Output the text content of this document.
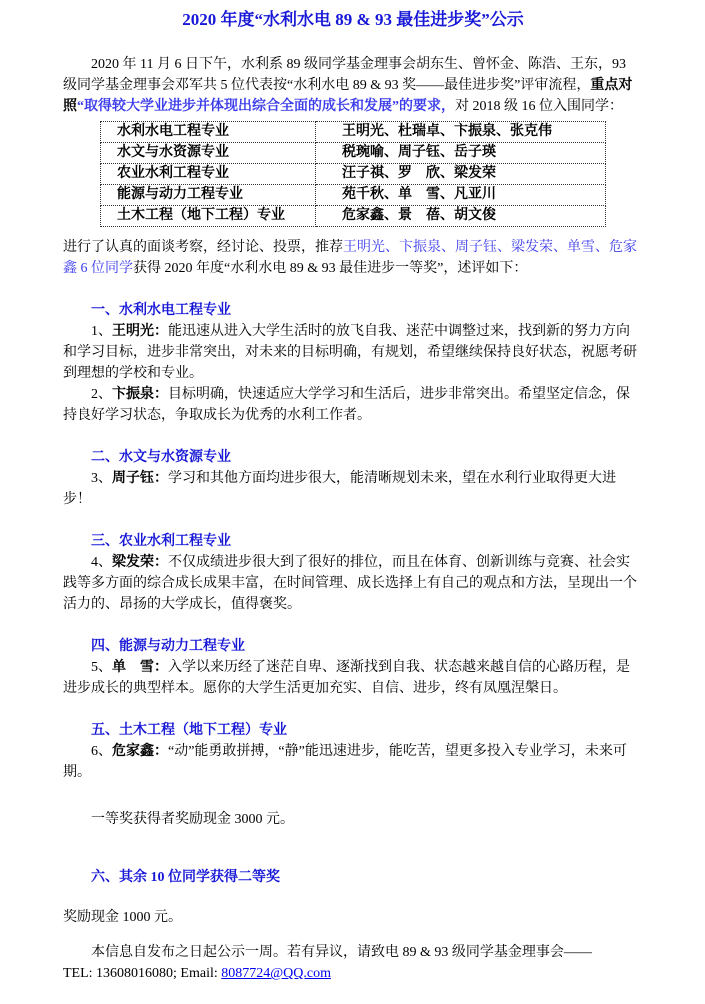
2020 年度“水利水电 89 & 93 最佳进步奖”公示

2020 年 11 月 6 日下午，水利系 89 级同学基金理事会胡东生、曾怀金、陈浩、王东，93 级同学基金理事会邓军共 5 位代表按“水利水电 89 & 93 奖——最佳进步奖”评审流程，重点对照“取得较大学业进步并体现出综合全面的成长和发展”的要求，对 2018 级 16 位入围同学：

水利水电工程专业	王明光、杜瑞卓、卞振泉、张克伟
水文与水资源专业	税琬喻、周子钰、岳子瑛
农业水利工程专业	汪子祺、罗　欣、梁发荣
能源与动力工程专业	苑千秋、单　雪、凡亚川
土木工程（地下工程）专业	危家鑫、景　蓓、胡文俊

进行了认真的面谈考察，经讨论、投票，推荐王明光、卞振泉、周子钰、梁发荣、单雪、危家鑫 6 位同学获得 2020 年度“水利水电 89 & 93 最佳进步一等奖”，述评如下：

一、水利水电工程专业

1、王明光：能迅速从进入大学生活时的放飞自我、迷茫中调整过来，找到新的努力方向和学习目标，进步非常突出，对未来的目标明确，有规划，希望继续保持良好状态，祝愿考研到理想的学校和专业。

2、卞振泉：目标明确，快速适应大学学习和生活后，进步非常突出。希望坚定信念，保持良好学习状态，争取成长为优秀的水利工作者。

二、水文与水资源专业

3、周子钰：学习和其他方面均进步很大，能清晰规划未来，望在水利行业取得更大进步！

三、农业水利工程专业

4、梁发荣：不仅成绩进步很大到了很好的排位，而且在体育、创新训练与竞赛、社会实践等多方面的综合成长成果丰富，在时间管理、成长选择上有自己的观点和方法，呈现出一个活力的、昂扬的大学成长，值得褒奖。

四、能源与动力工程专业

5、单　雪：入学以来历经了迷茫自卑、逐渐找到自我、状态越来越自信的心路历程，是进步成长的典型样本。愿你的大学生活更加充实、自信、进步，终有凤凰涅槃日。

五、土木工程（地下工程）专业

6、危家鑫：“动”能勇敢拼搏，“静”能迅速进步，能吃苦，望更多投入专业学习，未来可期。

一等奖获得者奖励现金 3000 元。

六、其余 10 位同学获得二等奖

奖励现金 1000 元。

本信息自发布之日起公示一周。若有异议，请致电 89 & 93 级同学基金理事会——

TEL: 13608016080; Email: 8087724@QQ.com
